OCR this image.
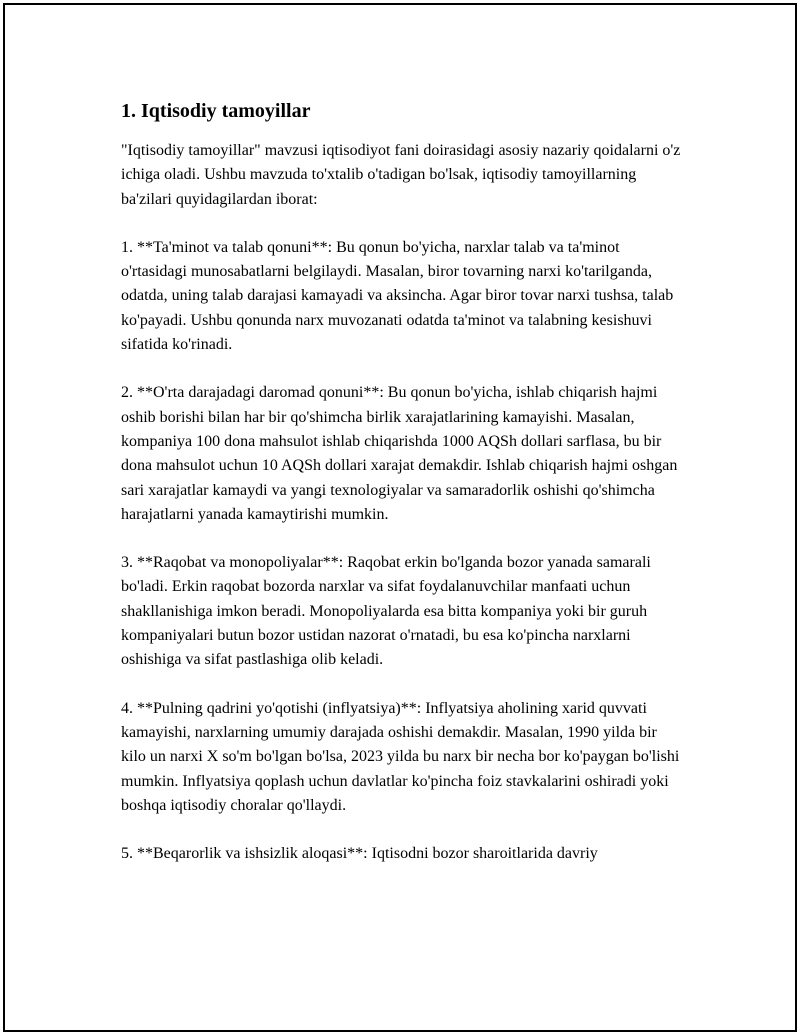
1. Iqtisodiy tamoyillar

"Iqtisodiy tamoyillar" mavzusi iqtisodiyot fani doirasidagi asosiy nazariy qoidalarni o'z ichiga oladi. Ushbu mavzuda to'xtalib o'tadigan bo'lsak, iqtisodiy tamoyillarning ba'zilari quyidagilardan iborat:

1. **Ta'minot va talab qonuni**: Bu qonun bo'yicha, narxlar talab va ta'minot o'rtasidagi munosabatlarni belgilaydi. Masalan, biror tovarning narxi ko'tarilganda, odatda, uning talab darajasi kamayadi va aksincha. Agar biror tovar narxi tushsa, talab ko'payadi. Ushbu qonunda narx muvozanati odatda ta'minot va talabning kesishuvi sifatida ko'rinadi.

2. **O'rta darajadagi daromad qonuni**: Bu qonun bo'yicha, ishlab chiqarish hajmi oshib borishi bilan har bir qo'shimcha birlik xarajatlarining kamayishi. Masalan, kompaniya 100 dona mahsulot ishlab chiqarishda 1000 AQSh dollari sarflasa, bu bir dona mahsulot uchun 10 AQSh dollari xarajat demakdir. Ishlab chiqarish hajmi oshgan sari xarajatlar kamaydi va yangi texnologiyalar va samaradorlik oshishi qo'shimcha harajatlarni yanada kamaytirishi mumkin.

3. **Raqobat va monopoliyalar**: Raqobat erkin bo'lganda bozor yanada samarali bo'ladi. Erkin raqobat bozorda narxlar va sifat foydalanuvchilar manfaati uchun shakllanishiga imkon beradi. Monopoliyalarda esa bitta kompaniya yoki bir guruh kompaniyalari butun bozor ustidan nazorat o'rnatadi, bu esa ko'pincha narxlarni oshishiga va sifat pastlashiga olib keladi.

4. **Pulning qadrini yo'qotishi (inflyatsiya)**: Inflyatsiya aholining xarid quvvati kamayishi, narxlarning umumiy darajada oshishi demakdir. Masalan, 1990 yilda bir kilo un narxi X so'm bo'lgan bo'lsa, 2023 yilda bu narx bir necha bor ko'paygan bo'lishi mumkin. Inflyatsiya qoplash uchun davlatlar ko'pincha foiz stavkalarini oshiradi yoki boshqa iqtisodiy choralar qo'llaydi.

5. **Beqarorlik va ishsizlik aloqasi**: Iqtisodni bozor sharoitlarida davriy
